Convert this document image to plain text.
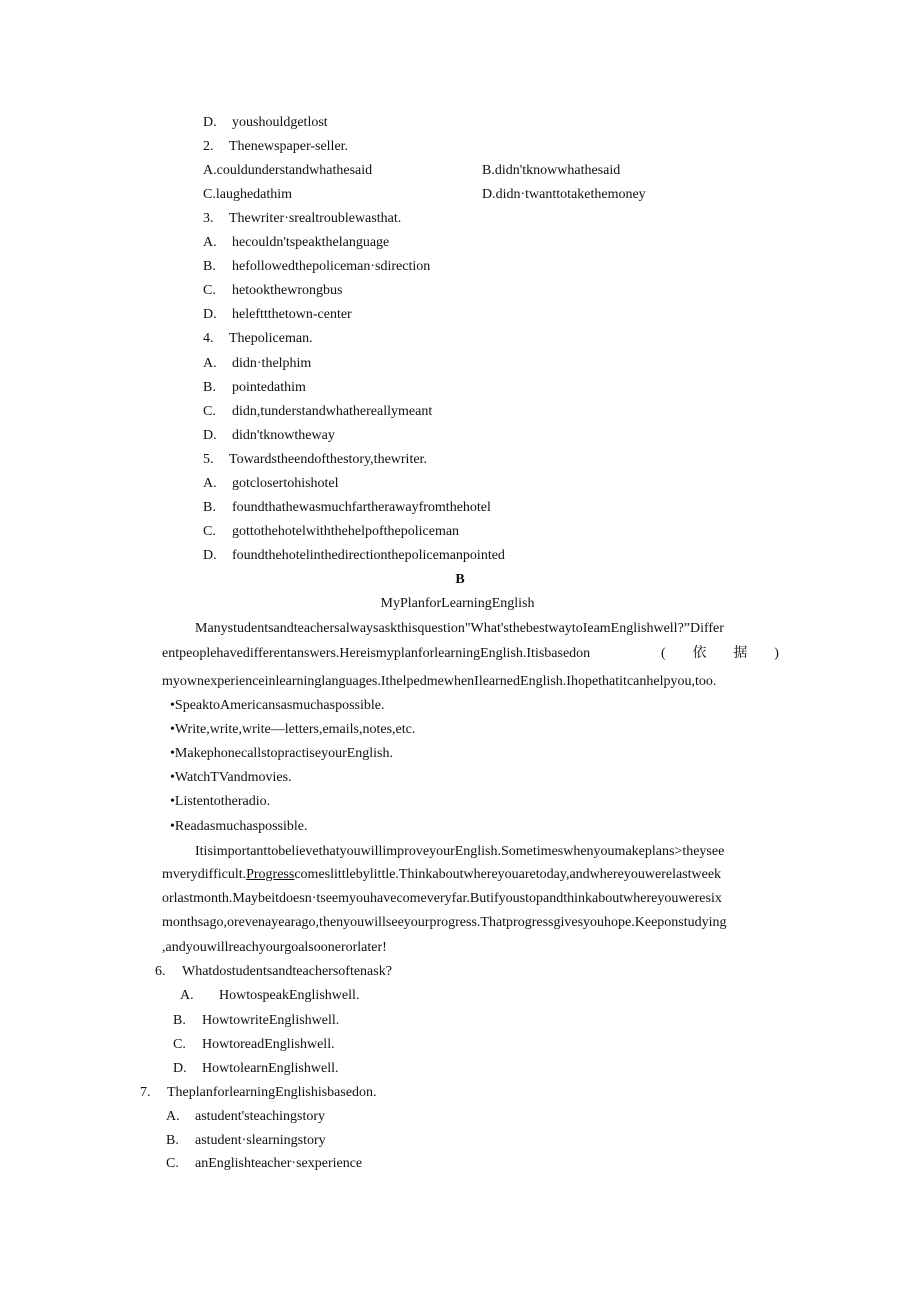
D. youshouldgetlost
2. Thenewspaper-seller.
A.couldunderstandwhathesaid	B.didn'tknowwhathesaid
C.laughedathim	D.didn·twanttotakethemoney
3. Thewriter·srealtroublewasthat.
A. hecouldn'tspeakthelanguage
B. hefollowedthepoliceman·sdirection
C. hetookthewrongbus
D. helefttthetown-center
4. Thepoliceman.
A. didn·thelphim
B. pointedathim
C. didn,tunderstandwhathereallymeant
D. didn'tknowtheway
5. Towardstheendofthestory,thewriter.
A. gotclosertohishotel
B. foundthathewasmuchfartherawayfromthehotel
C. gottothehotelwiththehelpofthepoliceman
D. foundthehotelinthedirectionthepolicemanpointed
B
MyPlanforLearningEnglish
Manystudentsandteachersalwaysaskthisquestion"What'sthebestwaytoIeamEnglishwell?”Differ
entpeoplehavedifferentanswers.HereismyplanforlearningEnglish.Itisbasedon	( 依 据 )
myownexperienceinlearninglanguages.IthelpedmewhenIlearnedEnglish.Ihopethatitcanhelpyou,too.
•SpeaktoAmericansasmuchaspossible.
•Write,write,write—letters,emails,notes,etc.
•MakephonecallstopractiseyourEnglish.
•WatchTVandmovies.
•Listentotheradio.
•Readasmuchaspossible.
ItisimportanttobelievethatyouwillimproveyourEnglish.Sometimeswhenyoumakeplans>theysee
mverydifficult.Progresscomeslittlebylittle.Thinkaboutwhereyouaretoday,andwhereyouwerelastweek
orlastmonth.Maybeitdoesn·tseemyouhavecomeveryfar.Butifyoustopandthinkaboutwhereyouweresix
monthsago,orevenayearago,thenyouwillseeyourprogress.Thatprogressgivesyouhope.Keeponstudying
,andyouwillreachyourgoalsoonerorlater!
6. Whatdostudentsandteachersoftenask?
A. HowtospeakEnglishwell.
B. HowtowriteEnglishwell.
C. HowtoreadEnglishwell.
D. HowtolearnEnglishwell.
7. TheplanforlearningEnglishisbasedon.
A. astudent'steachingstory
B. astudent·slearningstory
C. anEnglishteacher·sexperience
